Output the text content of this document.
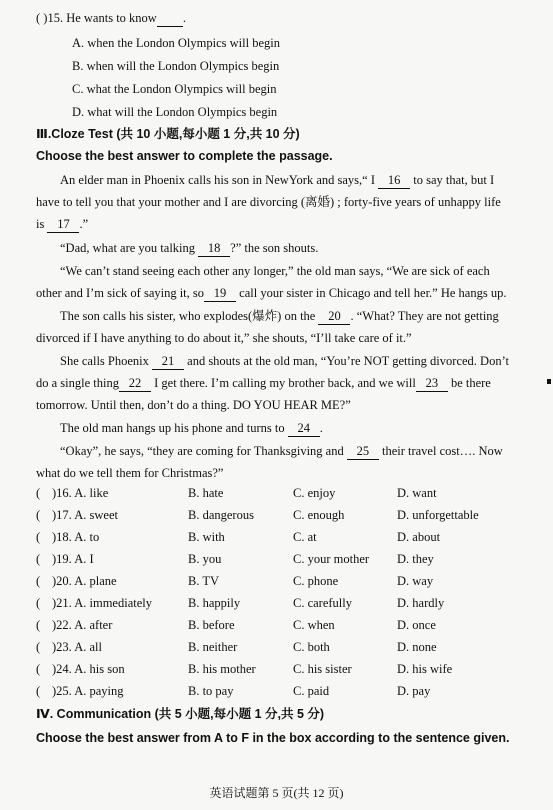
( )15. He wants to know .
A. when the London Olympics will begin
B. when will the London Olympics begin
C. what the London Olympics will begin
D. what will the London Olympics begin
Ⅲ.Cloze Test (共 10 小题,每小题 1 分,共 10 分)
Choose the best answer to complete the passage.
An elder man in Phoenix calls his son in NewYork and says,“ I 16 to say that, but I
have to tell you that your mother and I are divorcing (离婚) ; forty-five years of unhappy life
is 17 .”
“Dad, what are you talking 18 ?” the son shouts.
“We can’t stand seeing each other any longer,” the old man says, “We are sick of each
other and I’m sick of saying it, so 19 call your sister in Chicago and tell her.” He hangs up.
The son calls his sister, who explodes(爆炸) on the 20 . “What? They are not getting
divorced if I have anything to do about it,” she shouts, “I’ll take care of it.”
She calls Phoenix 21 and shouts at the old man, “You’re NOT getting divorced. Don’t
do a single thing 22 I get there. I’m calling my brother back, and we will 23 be there
tomorrow. Until then, don’t do a thing. DO YOU HEAR ME?”
The old man hangs up his phone and turns to 24 .
“Okay”, he says, “they are coming for Thanksgiving and 25 their travel cost…. Now
what do we tell them for Christmas?”
( )16. A. like	B. hate	C. enjoy	D. want
( )17. A. sweet	B. dangerous	C. enough	D. unforgettable
( )18. A. to	B. with	C. at	D. about
( )19. A. I	B. you	C. your mother D. they
( )20. A. plane	B. TV	C. phone	D. way
( )21. A. immediately	B. happily	C. carefully	D. hardly
( )22. A. after	B. before	C. when	D. once
( )23. A. all	B. neither	C. both	D. none
( )24. A. his son	B. his mother	C. his sister	D. his wife
( )25. A. paying	B. to pay	C. paid	D. pay
Ⅳ. Communication (共 5 小题,每小题 1 分,共 5 分)
Choose the best answer from A to F in the box according to the sentence given.
英语试题第 5 页(共 12 页)
